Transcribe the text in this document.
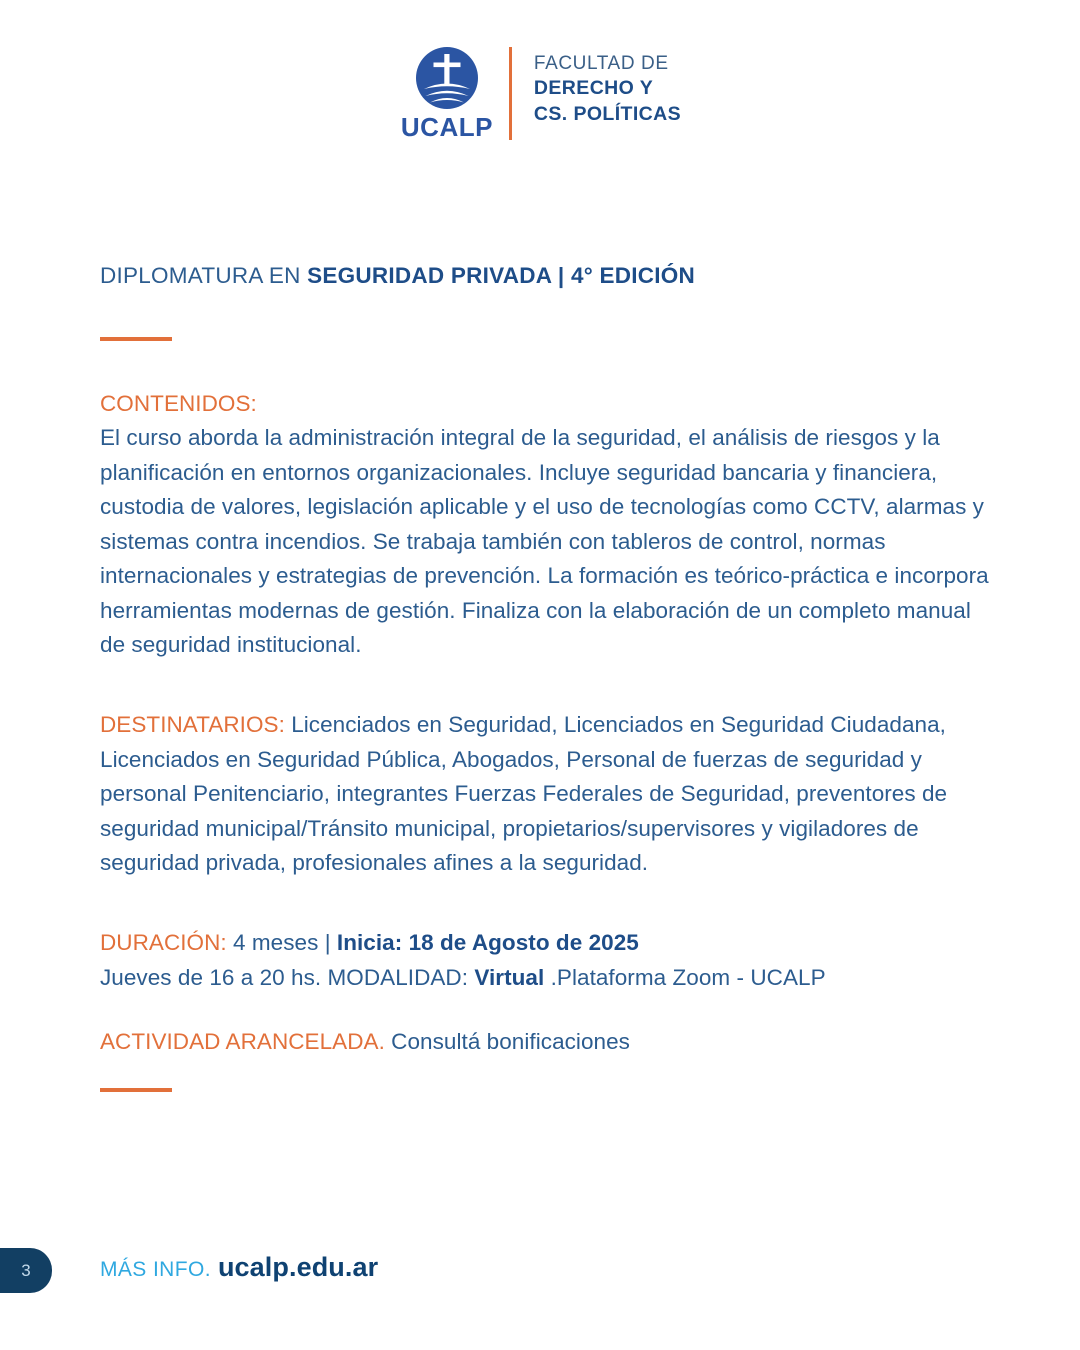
UCALP
FACULTAD DE
DERECHO Y
CS. POLÍTICAS
DIPLOMATURA EN SEGURIDAD PRIVADA | 4° EDICIÓN

CONTENIDOS:
El curso aborda la administración integral de la seguridad, el análisis de riesgos y la planificación en entornos organizacionales. Incluye seguridad bancaria y financiera, custodia de valores, legislación aplicable y el uso de tecnologías como CCTV, alarmas y sistemas contra incendios. Se trabaja también con tableros de control, normas internacionales y estrategias de prevención. La formación es teórico-práctica e incorpora herramientas modernas de gestión. Finaliza con la elaboración de un completo manual de seguridad institucional.

DESTINATARIOS: Licenciados en Seguridad, Licenciados en Seguridad Ciudadana, Licenciados en Seguridad Pública, Abogados, Personal de fuerzas de seguridad y personal Penitenciario, integrantes Fuerzas Federales de Seguridad, preventores de seguridad municipal/Tránsito municipal, propietarios/supervisores y vigiladores de seguridad privada, profesionales afines a la seguridad.

DURACIÓN: 4 meses | Inicia: 18 de Agosto de 2025

Jueves de 16 a 20 hs. MODALIDAD: Virtual .Plataforma Zoom - UCALP

ACTIVIDAD ARANCELADA. Consultá bonificaciones

3	MÁS INFO. ucalp.edu.ar
